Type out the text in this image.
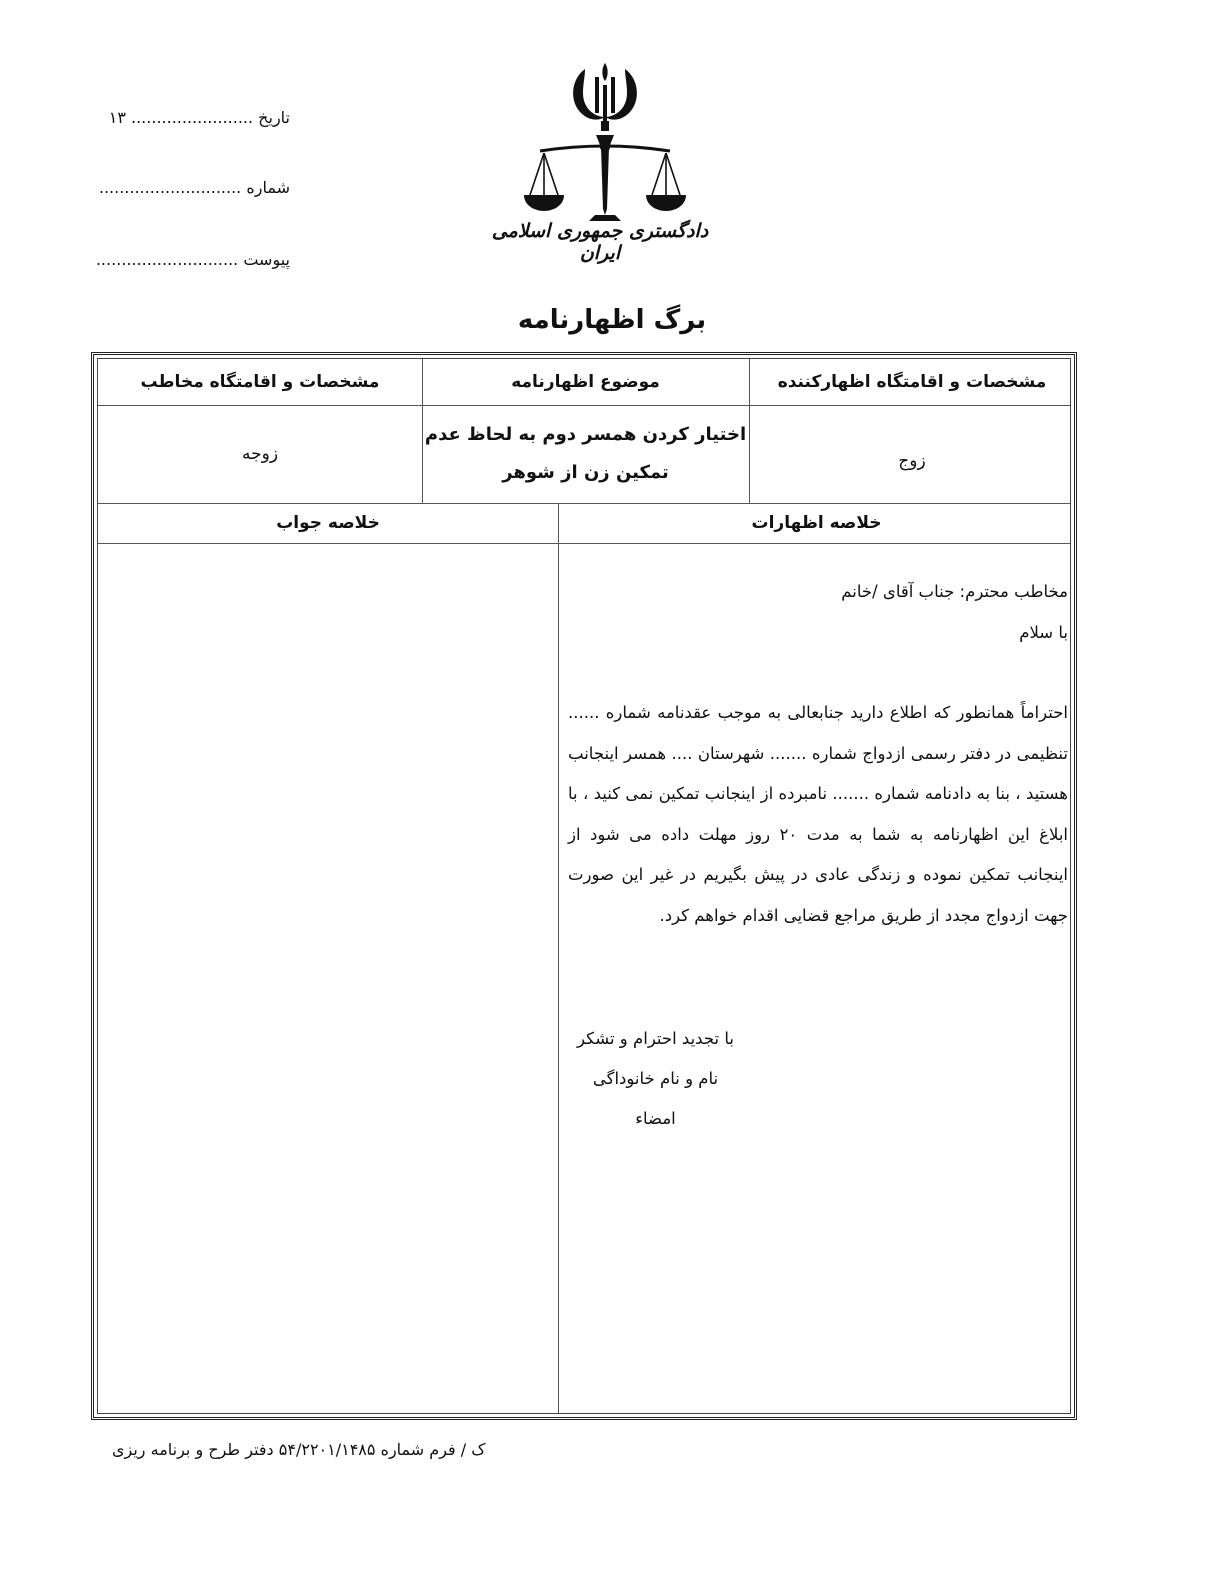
تاریخ ........................ ۱۳
شماره ............................
پیوست ............................
دادگستری جمهوری اسلامی ایران
برگ اظهارنامه
مشخصات و اقامتگاه اظهارکننده
موضوع اظهارنامه
مشخصات و اقامتگاه مخاطب
زوج
اختیار کردن همسر دوم به لحاظ عدم
تمکین زن از شوهر
زوجه
خلاصه اظهارات
خلاصه جواب
مخاطب محترم: جناب آقای /خانم
با سلام
احتراماً همانطور که اطلاع دارید جنابعالی به موجب عقدنامه شماره ...... تنظیمی در دفتر رسمی ازدواج شماره ....... شهرستان .... همسر اینجانب هستید ، بنا به دادنامه شماره ....... نامبرده از اینجانب تمکین نمی کنید ، با ابلاغ این اظهارنامه به شما به مدت ۲۰ روز مهلت داده می شود از اینجانب تمکین نموده و زندگی عادی در پیش بگیریم در غیر این صورت جهت ازدواج مجدد از طریق مراجع قضایی اقدام خواهم کرد.
با تجدید احترام و تشکر
نام و نام خانوداگی
امضاء
ک / فرم شماره ۵۴/۲۲۰۱/۱۴۸۵ دفتر طرح و برنامه ریزی
